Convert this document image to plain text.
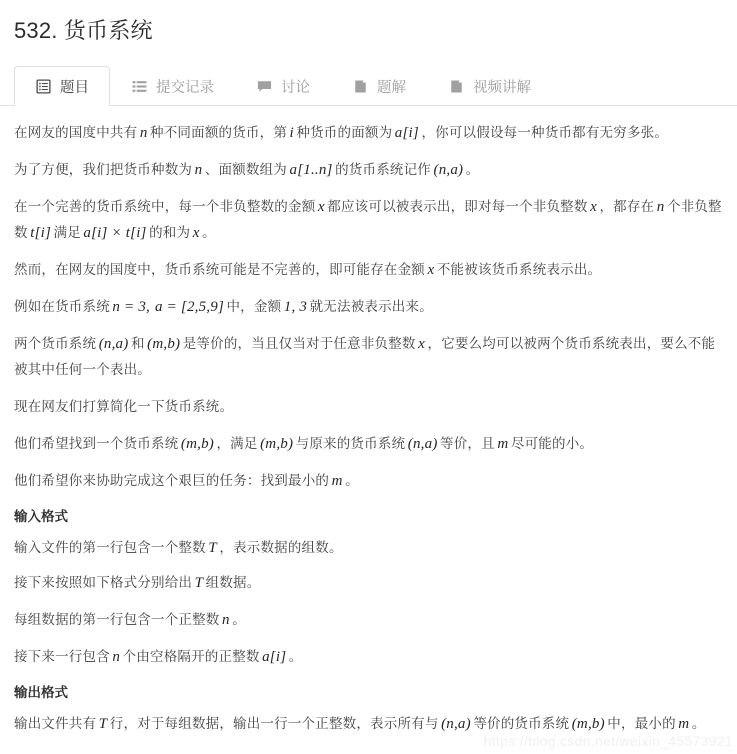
532. 货币系统
题目	提交记录	讨论	题解	视频讲解

在网友的国度中共有 n 种不同面额的货币，第 i 种货币的面额为 a[i] ，你可以假设每一种货币都有无穷多张。

为了方便，我们把货币种数为 n 、面额数组为 a[1..n] 的货币系统记作 (n,a) 。

在一个完善的货币系统中，每一个非负整数的金额 x 都应该可以被表示出，即对每一个非负整数 x ，都存在 n 个非负整数 t[i] 满足 a[i] × t[i] 的和为 x 。

然而，在网友的国度中，货币系统可能是不完善的，即可能存在金额 x 不能被该货币系统表示出。

例如在货币系统 n = 3, a = [2,5,9] 中，金额 1, 3 就无法被表示出来。

两个货币系统 (n,a) 和 (m,b) 是等价的，当且仅当对于任意非负整数 x ，它要么均可以被两个货币系统表出，要么不能被其中任何一个表出。

现在网友们打算简化一下货币系统。

他们希望找到一个货币系统 (m,b) ，满足 (m,b) 与原来的货币系统 (n,a) 等价，且 m 尽可能的小。

他们希望你来协助完成这个艰巨的任务：找到最小的 m 。

输入格式

输入文件的第一行包含一个整数 T ，表示数据的组数。

接下来按照如下格式分别给出 T 组数据。

每组数据的第一行包含一个正整数 n 。

接下来一行包含 n 个由空格隔开的正整数 a[i] 。

输出格式

输出文件共有 T 行，对于每组数据，输出一行一个正整数，表示所有与 (n,a) 等价的货币系统 (m,b) 中，最小的 m 。

https://blog.csdn.net/weixin_45573921
